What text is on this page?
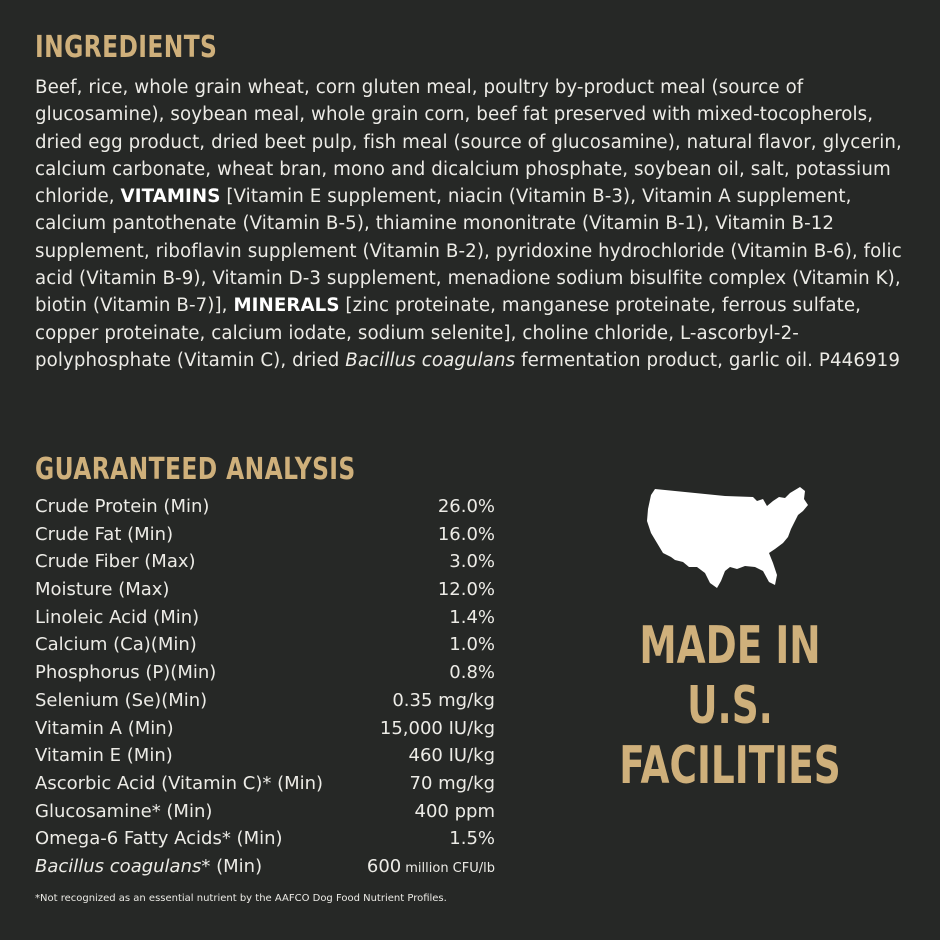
INGREDIENTS
Beef, rice, whole grain wheat, corn gluten meal, poultry by-product meal (source of glucosamine), soybean meal, whole grain corn, beef fat preserved with mixed-tocopherols, dried egg product, dried beet pulp, fish meal (source of glucosamine), natural flavor, glycerin, calcium carbonate, wheat bran, mono and dicalcium phosphate, soybean oil, salt, potassium chloride, VITAMINS [Vitamin E supplement, niacin (Vitamin B-3), Vitamin A supplement, calcium pantothenate (Vitamin B-5), thiamine mononitrate (Vitamin B-1), Vitamin B-12 supplement, riboflavin supplement (Vitamin B-2), pyridoxine hydrochloride (Vitamin B-6), folic acid (Vitamin B-9), Vitamin D-3 supplement, menadione sodium bisulfite complex (Vitamin K), biotin (Vitamin B-7)], MINERALS [zinc proteinate, manganese proteinate, ferrous sulfate, copper proteinate, calcium iodate, sodium selenite], choline chloride, L-ascorbyl-2-polyphosphate (Vitamin C), dried Bacillus coagulans fermentation product, garlic oil. P446919
GUARANTEED ANALYSIS
Crude Protein (Min)	26.0%
Crude Fat (Min)	16.0%
Crude Fiber (Max)	3.0%
Moisture (Max)	12.0%
Linoleic Acid (Min)	1.4%
Calcium (Ca)(Min)	1.0%
Phosphorus (P)(Min)	0.8%
Selenium (Se)(Min)	0.35 mg/kg
Vitamin A (Min)	15,000 IU/kg
Vitamin E (Min)	460 IU/kg
Ascorbic Acid (Vitamin C)* (Min)	70 mg/kg
Glucosamine* (Min)	400 ppm
Omega-6 Fatty Acids* (Min)	1.5%
Bacillus coagulans* (Min)	600 million CFU/lb
*Not recognized as an essential nutrient by the AAFCO Dog Food Nutrient Profiles.
MADE IN
U.S.
FACILITIES
